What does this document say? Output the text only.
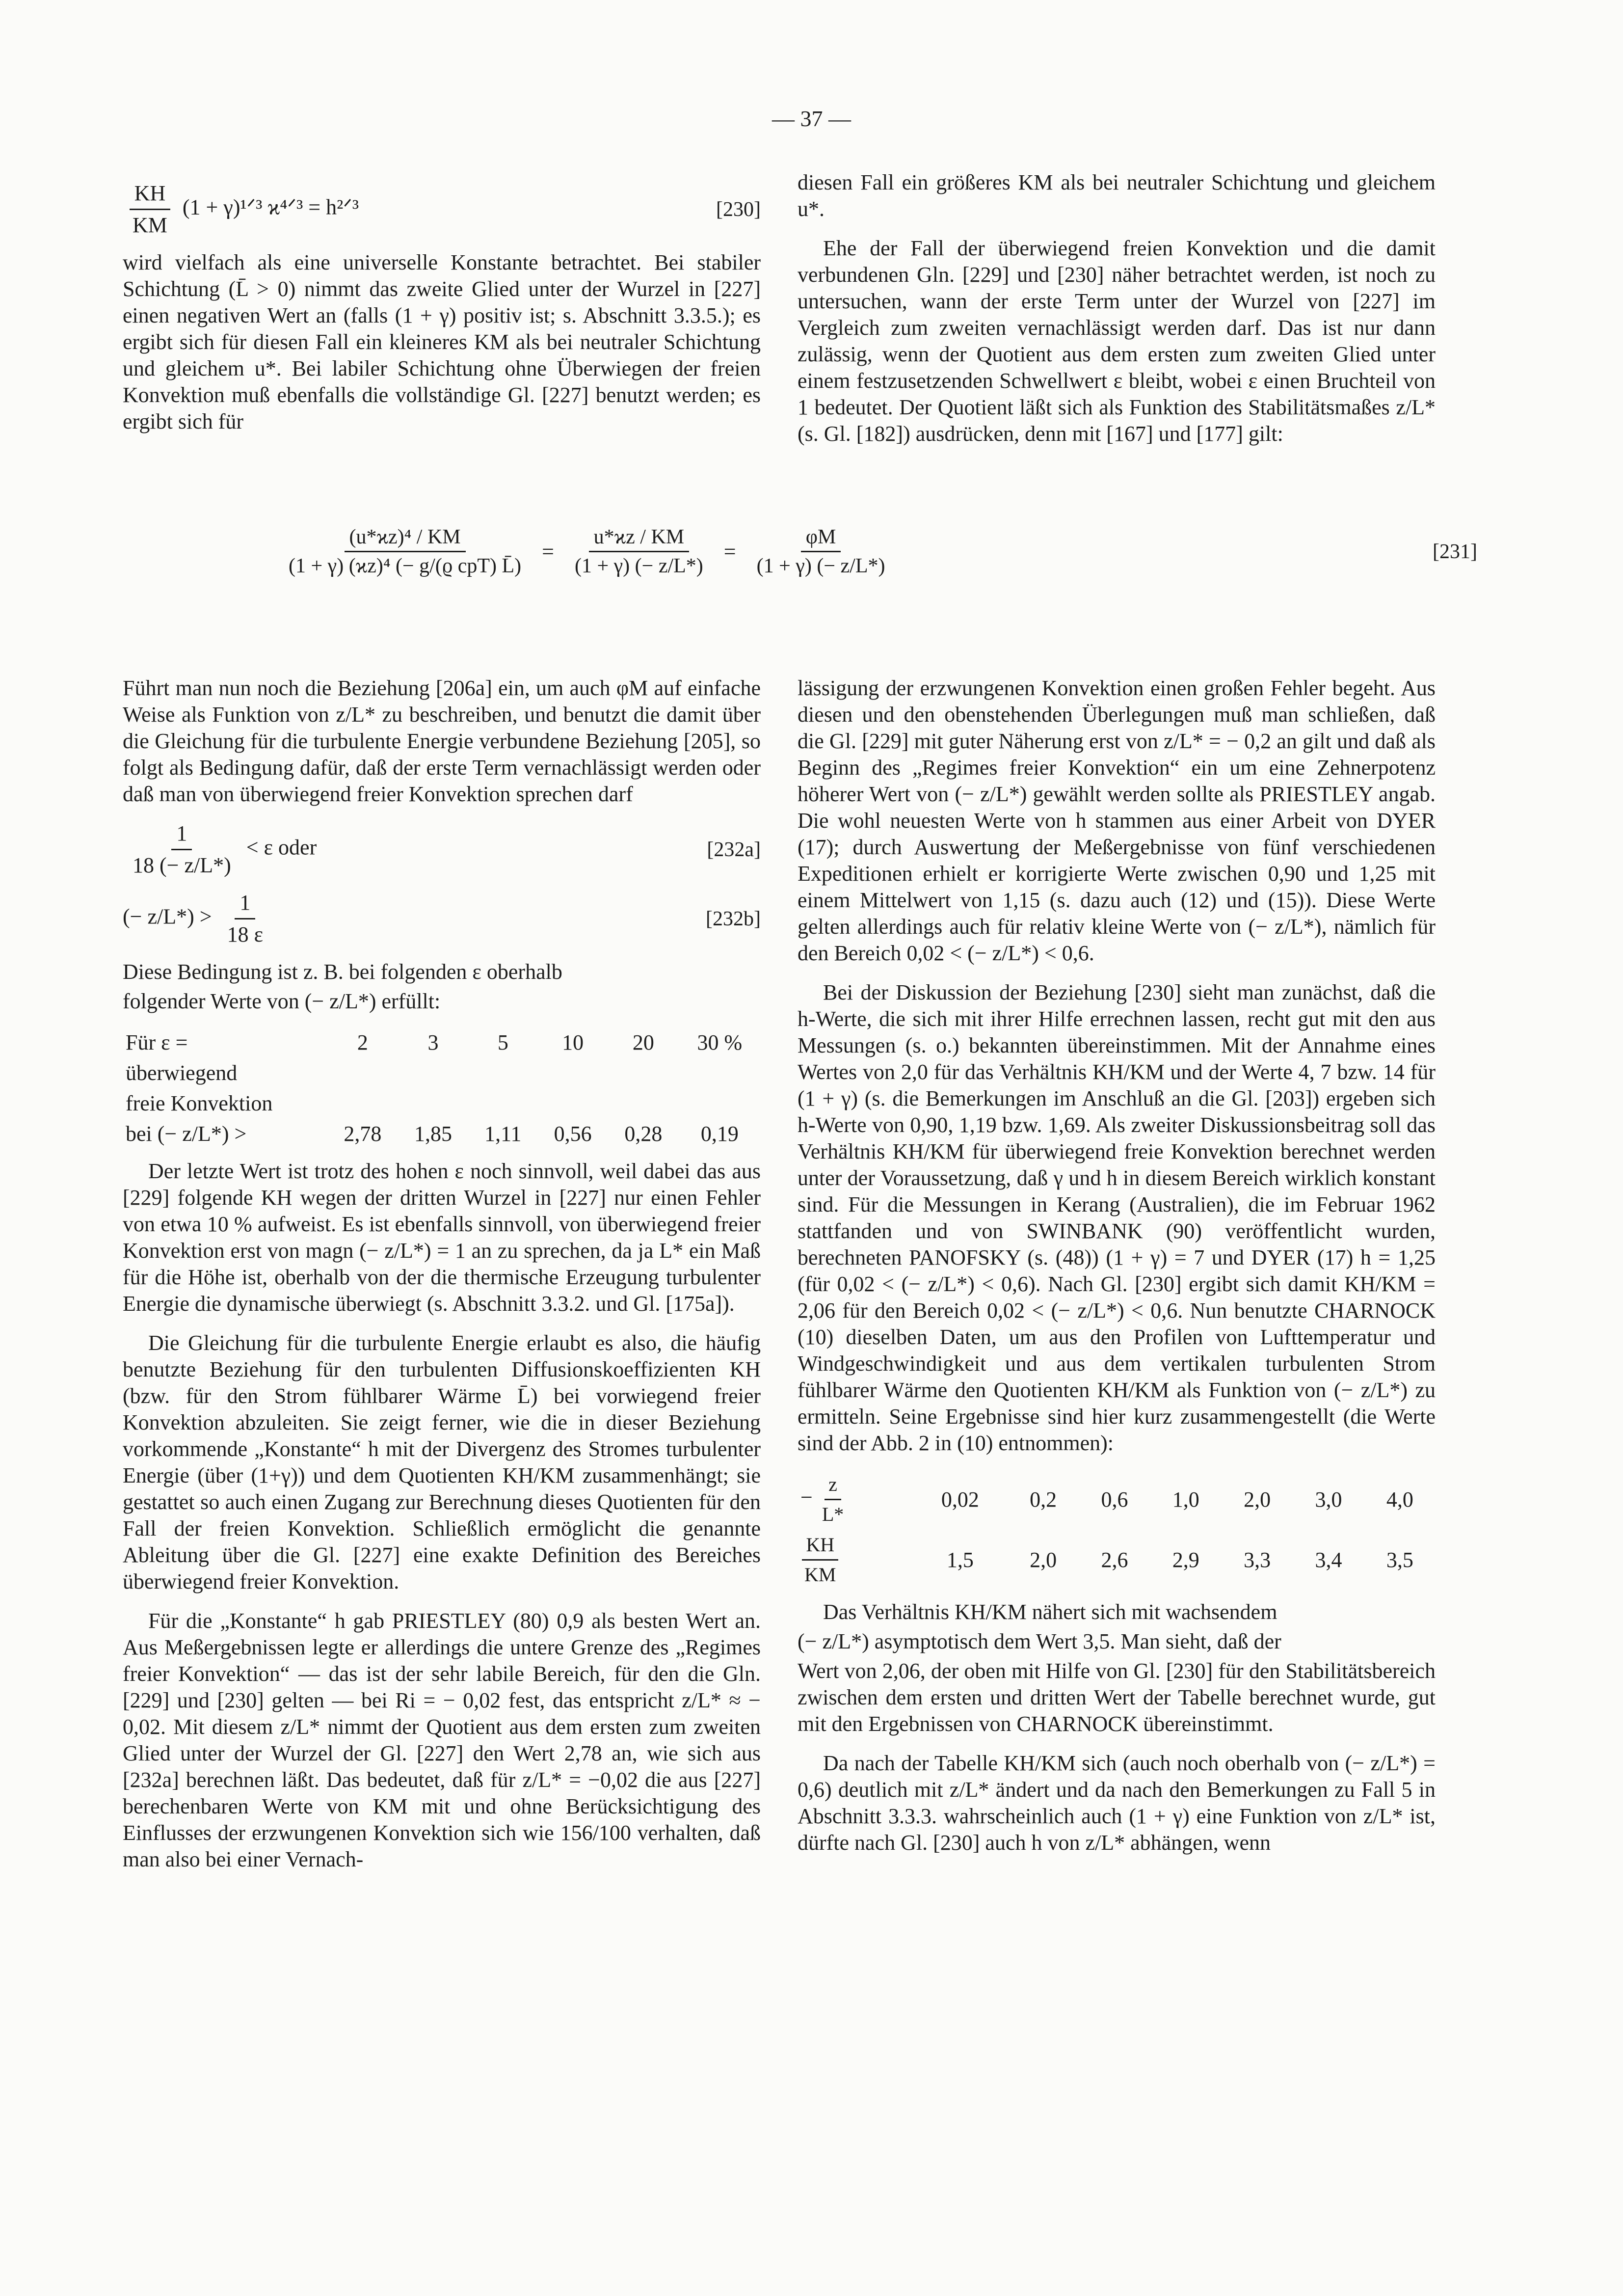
— 37 —
$\frac{KH}{KM} (1$ + γ)¹ᐟ³ ϰ⁴ᐟ³ = h²ᐟ³	[230]

wird vielfach als eine universelle Konstante betrachtet. Bei stabiler Schichtung (L̄ > 0) nimmt das zweite Glied unter der Wurzel in [227] einen negativen Wert an (falls (1 + γ) positiv ist; s. Abschnitt 3.3.5.); es ergibt sich für diesen Fall ein kleineres KM als bei neutraler Schichtung und gleichem u*. Bei labiler Schichtung ohne Überwiegen der freien Konvektion muß ebenfalls die vollständige Gl. [227] benutzt werden; es ergibt sich für

$\frac{\text{(u*ϰz)⁴ / KM}}{\text{(1 + γ) (ϰz)⁴ (− g/(ϱ cpT) L̄)}} = \frac{u*ϰz / KM}{(1 + \gamma) (- z/L*)} = \frac{\varphi M}{(1 + \gamma) (- z/L*)}$	[231]

Führt man nun noch die Beziehung [206a] ein, um auch φM auf einfache Weise als Funktion von z/L* zu beschreiben, und benutzt die damit über die Gleichung für die turbulente Energie verbundene Beziehung [205], so folgt als Bedingung dafür, daß der erste Term vernachlässigt werden oder daß man von überwiegend freier Konvektion sprechen darf

$\frac{1}{18 (- z/L*)} < \varepsilon$ oder	[232a]
(− $z/L*) > \frac{1}{18 \varepsilon}$	[232b]

Diese Bedingung ist z. B. bei folgenden ε oberhalb

folgender Werte von (− z/L*) erfüllt:

Für ε =	2	3	5	10	20	30 %
überwiegend						
freie Konvektion						
bei (− z/L*) >	2,78	1,85	1,11	0,56	0,28	0,19

Der letzte Wert ist trotz des hohen ε noch sinnvoll, weil dabei das aus [229] folgende KH wegen der dritten Wurzel in [227] nur einen Fehler von etwa 10 % aufweist. Es ist ebenfalls sinnvoll, von überwiegend freier Konvektion erst von magn (− z/L*) = 1 an zu sprechen, da ja L* ein Maß für die Höhe ist, oberhalb von der die thermische Erzeugung turbulenter Energie die dynamische überwiegt (s. Abschnitt 3.3.2. und Gl. [175a]).

Die Gleichung für die turbulente Energie erlaubt es also, die häufig benutzte Beziehung für den turbulenten Diffusionskoeffizienten KH (bzw. für den Strom fühlbarer Wärme L̄) bei vorwiegend freier Konvektion abzuleiten. Sie zeigt ferner, wie die in dieser Beziehung vorkommende „Konstante“ h mit der Divergenz des Stromes turbulenter Energie (über (1+γ)) und dem Quotienten KH/KM zusammenhängt; sie gestattet so auch einen Zugang zur Berechnung dieses Quotienten für den Fall der freien Konvektion. Schließlich ermöglicht die genannte Ableitung über die Gl. [227] eine exakte Definition des Bereiches überwiegend freier Konvektion.

Für die „Konstante“ h gab PRIESTLEY (80) 0,9 als besten Wert an. Aus Meßergebnissen legte er allerdings die untere Grenze des „Regimes freier Konvektion“ — das ist der sehr labile Bereich, für den die Gln. [229] und [230] gelten — bei Ri = − 0,02 fest, das entspricht z/L* ≈ − 0,02. Mit diesem z/L* nimmt der Quotient aus dem ersten zum zweiten Glied unter der Wurzel der Gl. [227] den Wert 2,78 an, wie sich aus [232a] berechnen läßt. Das bedeutet, daß für z/L* = −0,02 die aus [227] berechenbaren Werte von KM mit und ohne Berücksichtigung des Einflusses der erzwungenen Konvektion sich wie 156/100 verhalten, daß man also bei einer Vernach-

diesen Fall ein größeres KM als bei neutraler Schichtung und gleichem u*.

Ehe der Fall der überwiegend freien Konvektion und die damit verbundenen Gln. [229] und [230] näher betrachtet werden, ist noch zu untersuchen, wann der erste Term unter der Wurzel von [227] im Vergleich zum zweiten vernachlässigt werden darf. Das ist nur dann zulässig, wenn der Quotient aus dem ersten zum zweiten Glied unter einem festzusetzenden Schwellwert ε bleibt, wobei ε einen Bruchteil von 1 bedeutet. Der Quotient läßt sich als Funktion des Stabilitätsmaßes z/L* (s. Gl. [182]) ausdrücken, denn mit [167] und [177] gilt:

lässigung der erzwungenen Konvektion einen großen Fehler begeht. Aus diesen und den obenstehenden Überlegungen muß man schließen, daß die Gl. [229] mit guter Näherung erst von z/L* = − 0,2 an gilt und daß als Beginn des „Regimes freier Konvektion“ ein um eine Zehnerpotenz höherer Wert von (− z/L*) gewählt werden sollte als PRIESTLEY angab. Die wohl neuesten Werte von h stammen aus einer Arbeit von DYER (17); durch Auswertung der Meßergebnisse von fünf verschiedenen Expeditionen erhielt er korrigierte Werte zwischen 0,90 und 1,25 mit einem Mittelwert von 1,15 (s. dazu auch (12) und (15)). Diese Werte gelten allerdings auch für relativ kleine Werte von (− z/L*), nämlich für den Bereich 0,02 < (− z/L*) < 0,6.

Bei der Diskussion der Beziehung [230] sieht man zunächst, daß die h-Werte, die sich mit ihrer Hilfe errechnen lassen, recht gut mit den aus Messungen (s. o.) bekannten übereinstimmen. Mit der Annahme eines Wertes von 2,0 für das Verhältnis KH/KM und der Werte 4, 7 bzw. 14 für (1 + γ) (s. die Bemerkungen im Anschluß an die Gl. [203]) ergeben sich h-Werte von 0,90, 1,19 bzw. 1,69. Als zweiter Diskussionsbeitrag soll das Verhältnis KH/KM für überwiegend freie Konvektion berechnet werden unter der Voraussetzung, daß γ und h in diesem Bereich wirklich konstant sind. Für die Messungen in Kerang (Australien), die im Februar 1962 stattfanden und von SWINBANK (90) veröffentlicht wurden, berechneten PANOFSKY (s. (48)) (1 + γ) = 7 und DYER (17) h = 1,25 (für 0,02 < (− z/L*) < 0,6). Nach Gl. [230] ergibt sich damit KH/KM = 2,06 für den Bereich 0,02 < (− z/L*) < 0,6. Nun benutzte CHARNOCK (10) dieselben Daten, um aus den Profilen von Lufttemperatur und Windgeschwindigkeit und aus dem vertikalen turbulenten Strom fühlbarer Wärme den Quotienten KH/KM als Funktion von (− z/L*) zu ermitteln. Seine Ergebnisse sind hier kurz zusammengestellt (die Werte sind der Abb. 2 in (10) entnommen):

− $\frac{z}{L*}$	0,02	0,2	0,6	1,0	2,0	3,0	4,0

$\frac{KH}{KM}$	1,5	2,0	2,6	2,9	3,3	3,4	3,5

Das Verhältnis KH/KM nähert sich mit wachsendem

(− z/L*) asymptotisch dem Wert 3,5. Man sieht, daß der

Wert von 2,06, der oben mit Hilfe von Gl. [230] für den Stabilitätsbereich zwischen dem ersten und dritten Wert der Tabelle berechnet wurde, gut mit den Ergebnissen von CHARNOCK übereinstimmt.

Da nach der Tabelle KH/KM sich (auch noch oberhalb von (− z/L*) = 0,6) deutlich mit z/L* ändert und da nach den Bemerkungen zu Fall 5 in Abschnitt 3.3.3. wahrscheinlich auch (1 + γ) eine Funktion von z/L* ist, dürfte nach Gl. [230] auch h von z/L* abhängen, wenn
